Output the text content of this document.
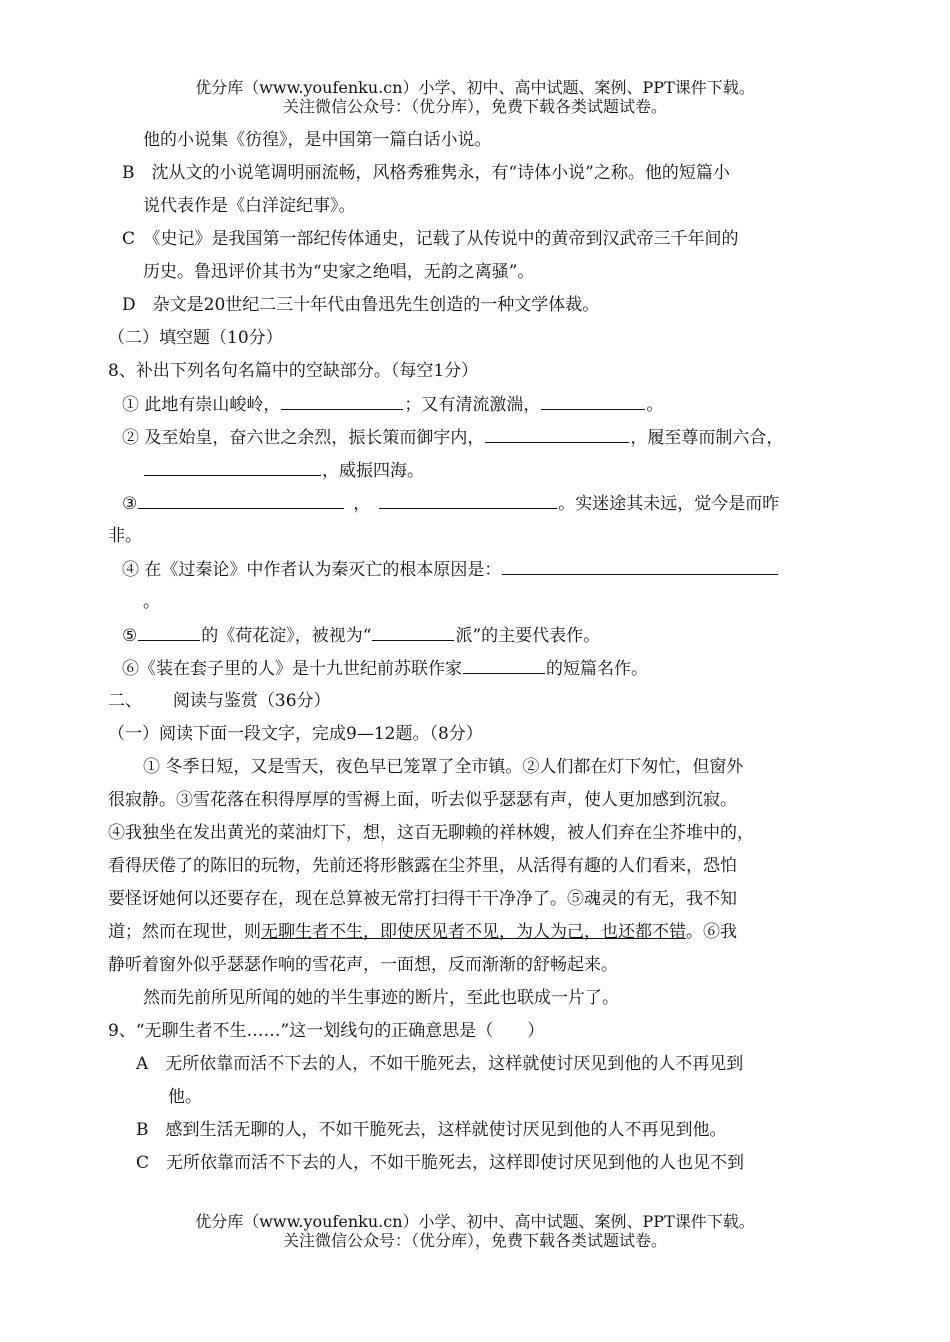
优分库（www.youfenku.cn）小学、初中、高中试题、案例、PPT课件下载。
关注微信公众号：（优分库），免费下载各类试题试卷。
他的小说集《彷徨》，是中国第一篇白话小说。
B　沈从文的小说笔调明丽流畅，风格秀雅隽永，有“诗体小说”之称。他的短篇小
说代表作是《白洋淀纪事》。
C　《史记》是我国第一部纪传体通史，记载了从传说中的黄帝到汉武帝三千年间的
历史。鲁迅评价其书为“史家之绝唱，无韵之离骚”。
D　杂文是20世纪二三十年代由鲁迅先生创造的一种文学体裁。
（二）填空题（10分）
8、补出下列名句名篇中的空缺部分。（每空1分）
① 此地有崇山峻岭，	；又有清流激湍，	。
② 及至始皇，奋六世之余烈，振长策而御宇内，	，履至尊而制六合，
，威振四海。
③	，	。实迷途其未远，觉今是而昨
非。
④ 在《过秦论》中作者认为秦灭亡的根本原因是：
。
⑤	的《荷花淀》，被视为“	派”的主要代表作。
⑥《装在套子里的人》是十九世纪前苏联作家	的短篇名作。
二、　　 阅读与鉴赏（36分）
（一）阅读下面一段文字，完成9—12题。（8分）
① 冬季日短，又是雪天，夜色早已笼罩了全市镇。②人们都在灯下匆忙，但窗外
很寂静。③雪花落在积得厚厚的雪褥上面，听去似乎瑟瑟有声，使人更加感到沉寂。
④我独坐在发出黄光的菜油灯下，想，这百无聊赖的祥林嫂，被人们弃在尘芥堆中的，
看得厌倦了的陈旧的玩物，先前还将形骸露在尘芥里，从活得有趣的人们看来，恐怕
要怪讶她何以还要存在，现在总算被无常打扫得干干净净了。⑤魂灵的有无，我不知
道；然而在现世，则无聊生者不生，即使厌见者不见，为人为己，也还都不错。⑥我
静听着窗外似乎瑟瑟作响的雪花声，一面想，反而渐渐的舒畅起来。
然而先前所见所闻的她的半生事迹的断片，至此也联成一片了。
9、“无聊生者不生……”这一划线句的正确意思是（　　）
A　无所依靠而活不下去的人，不如干脆死去，这样就使讨厌见到他的人不再见到
他。
B　感到生活无聊的人，不如干脆死去，这样就使讨厌见到他的人不再见到他。
C　无所依靠而活不下去的人，不如干脆死去，这样即使讨厌见到他的人也见不到
优分库（www.youfenku.cn）小学、初中、高中试题、案例、PPT课件下载。
关注微信公众号：（优分库），免费下载各类试题试卷。
